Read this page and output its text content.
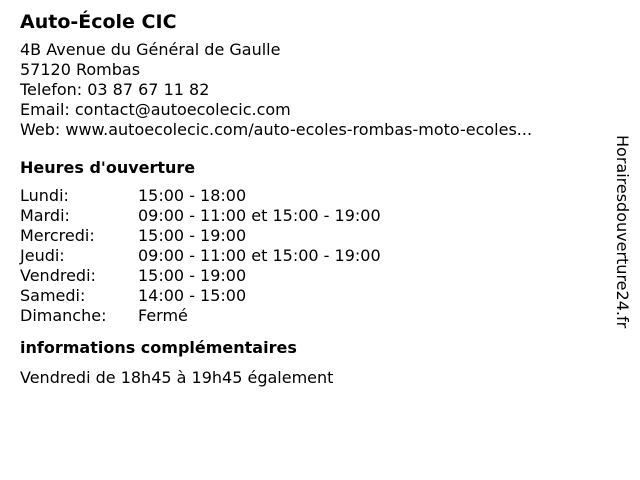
Auto-École CIC
4B Avenue du Général de Gaulle
57120 Rombas
Telefon: 03 87 67 11 82
Email: contact@autoecolecic.com
Web: www.autoecolecic.com/auto-ecoles-rombas-moto-ecoles...
Heures d'ouverture
Lundi:	15:00 - 18:00
Mardi:	09:00 - 11:00 et 15:00 - 19:00
Mercredi:	15:00 - 19:00
Jeudi:	09:00 - 11:00 et 15:00 - 19:00
Vendredi:	15:00 - 19:00
Samedi:	14:00 - 15:00
Dimanche:	Fermé
informations complémentaires
Vendredi de 18h45 à 19h45 également
Horairesdouverture24.fr
